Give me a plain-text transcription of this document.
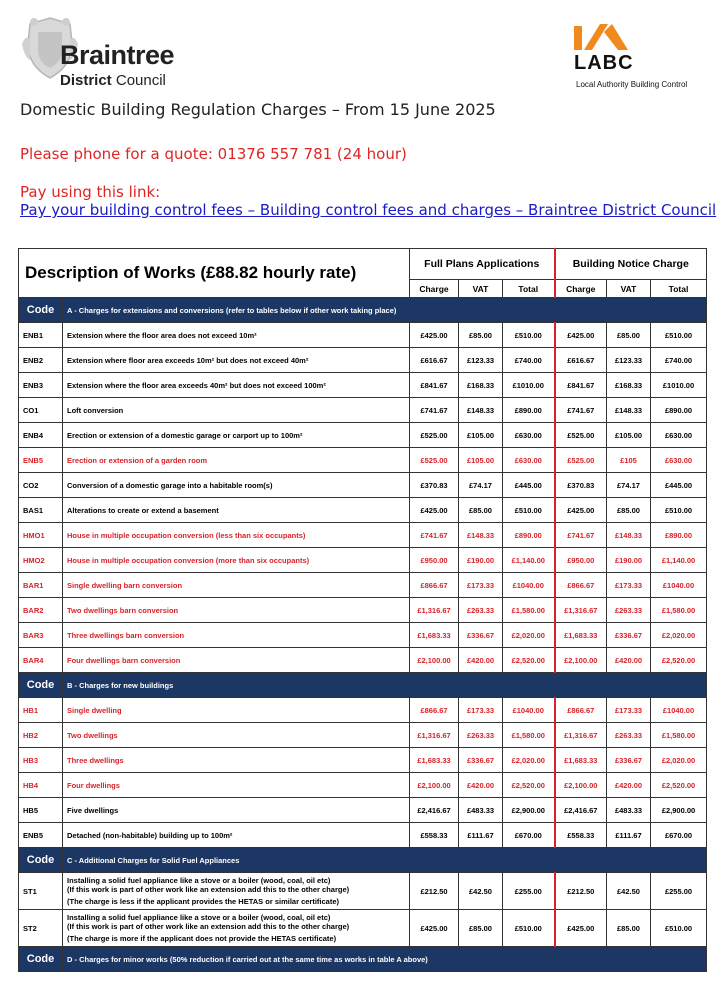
Braintree
District Council
LABC
Local Authority Building Control
Domestic Building Regulation Charges – From 15 June 2025
Please phone for a quote: 01376 557 781 (24 hour)
Pay using this link:
Pay your building control fees – Building control fees and charges – Braintree District Council
Description of Works (£88.82 hourly rate)		Full Plans Applications			Building Notice Charge		
		Charge	VAT	Total	Charge	VAT	Total
Code	A - Charges for extensions and conversions (refer to tables below if other work taking place)						
ENB1	Extension where the floor area does not exceed 10m²	£425.00	£85.00	£510.00	£425.00	£85.00	£510.00
ENB2	Extension where floor area exceeds 10m² but does not exceed 40m²	£616.67	£123.33	£740.00	£616.67	£123.33	£740.00
ENB3	Extension where the floor area exceeds 40m² but does not exceed 100m²	£841.67	£168.33	£1010.00	£841.67	£168.33	£1010.00
CO1	Loft conversion	£741.67	£148.33	£890.00	£741.67	£148.33	£890.00
ENB4	Erection or extension of a domestic garage or carport up to 100m²	£525.00	£105.00	£630.00	£525.00	£105.00	£630.00
ENB5	Erection or extension of a garden room	£525.00	£105.00	£630.00	£525.00	£105	£630.00
CO2	Conversion of a domestic garage into a habitable room(s)	£370.83	£74.17	£445.00	£370.83	£74.17	£445.00
BAS1	Alterations to create or extend a basement	£425.00	£85.00	£510.00	£425.00	£85.00	£510.00
HMO1	House in multiple occupation conversion (less than six occupants)	£741.67	£148.33	£890.00	£741.67	£148.33	£890.00
HMO2	House in multiple occupation conversion (more than six occupants)	£950.00	£190.00	£1,140.00	£950.00	£190.00	£1,140.00
BAR1	Single dwelling barn conversion	£866.67	£173.33	£1040.00	£866.67	£173.33	£1040.00
BAR2	Two dwellings barn conversion	£1,316.67	£263.33	£1,580.00	£1,316.67	£263.33	£1,580.00
BAR3	Three dwellings barn conversion	£1,683.33	£336.67	£2,020.00	£1,683.33	£336.67	£2,020.00
BAR4	Four dwellings barn conversion	£2,100.00	£420.00	£2,520.00	£2,100.00	£420.00	£2,520.00
Code	B - Charges for new buildings						
HB1	Single dwelling	£866.67	£173.33	£1040.00	£866.67	£173.33	£1040.00
HB2	Two dwellings	£1,316.67	£263.33	£1,580.00	£1,316.67	£263.33	£1,580.00
HB3	Three dwellings	£1,683.33	£336.67	£2,020.00	£1,683.33	£336.67	£2,020.00
HB4	Four dwellings	£2,100.00	£420.00	£2,520.00	£2,100.00	£420.00	£2,520.00
HB5	Five dwellings	£2,416.67	£483.33	£2,900.00	£2,416.67	£483.33	£2,900.00
ENB5	Detached (non-habitable) building up to 100m²	£558.33	£111.67	£670.00	£558.33	£111.67	£670.00
Code	C - Additional Charges for Solid Fuel Appliances						
ST1	Installing a solid fuel appliance like a stove or a boiler (wood, coal, oil etc)
(If this work is part of other work like an extension add this to the other charge)
(The charge is less if the applicant provides the HETAS or similar certificate)	£212.50	£42.50	£255.00	£212.50	£42.50	£255.00
ST2	Installing a solid fuel appliance like a stove or a boiler (wood, coal, oil etc)
(If this work is part of other work like an extension add this to the other charge)
(The charge is more if the applicant does not provide the HETAS certificate)	£425.00	£85.00	£510.00	£425.00	£85.00	£510.00
Code	D - Charges for minor works (50% reduction if carried out at the same time as works in table A above)						
